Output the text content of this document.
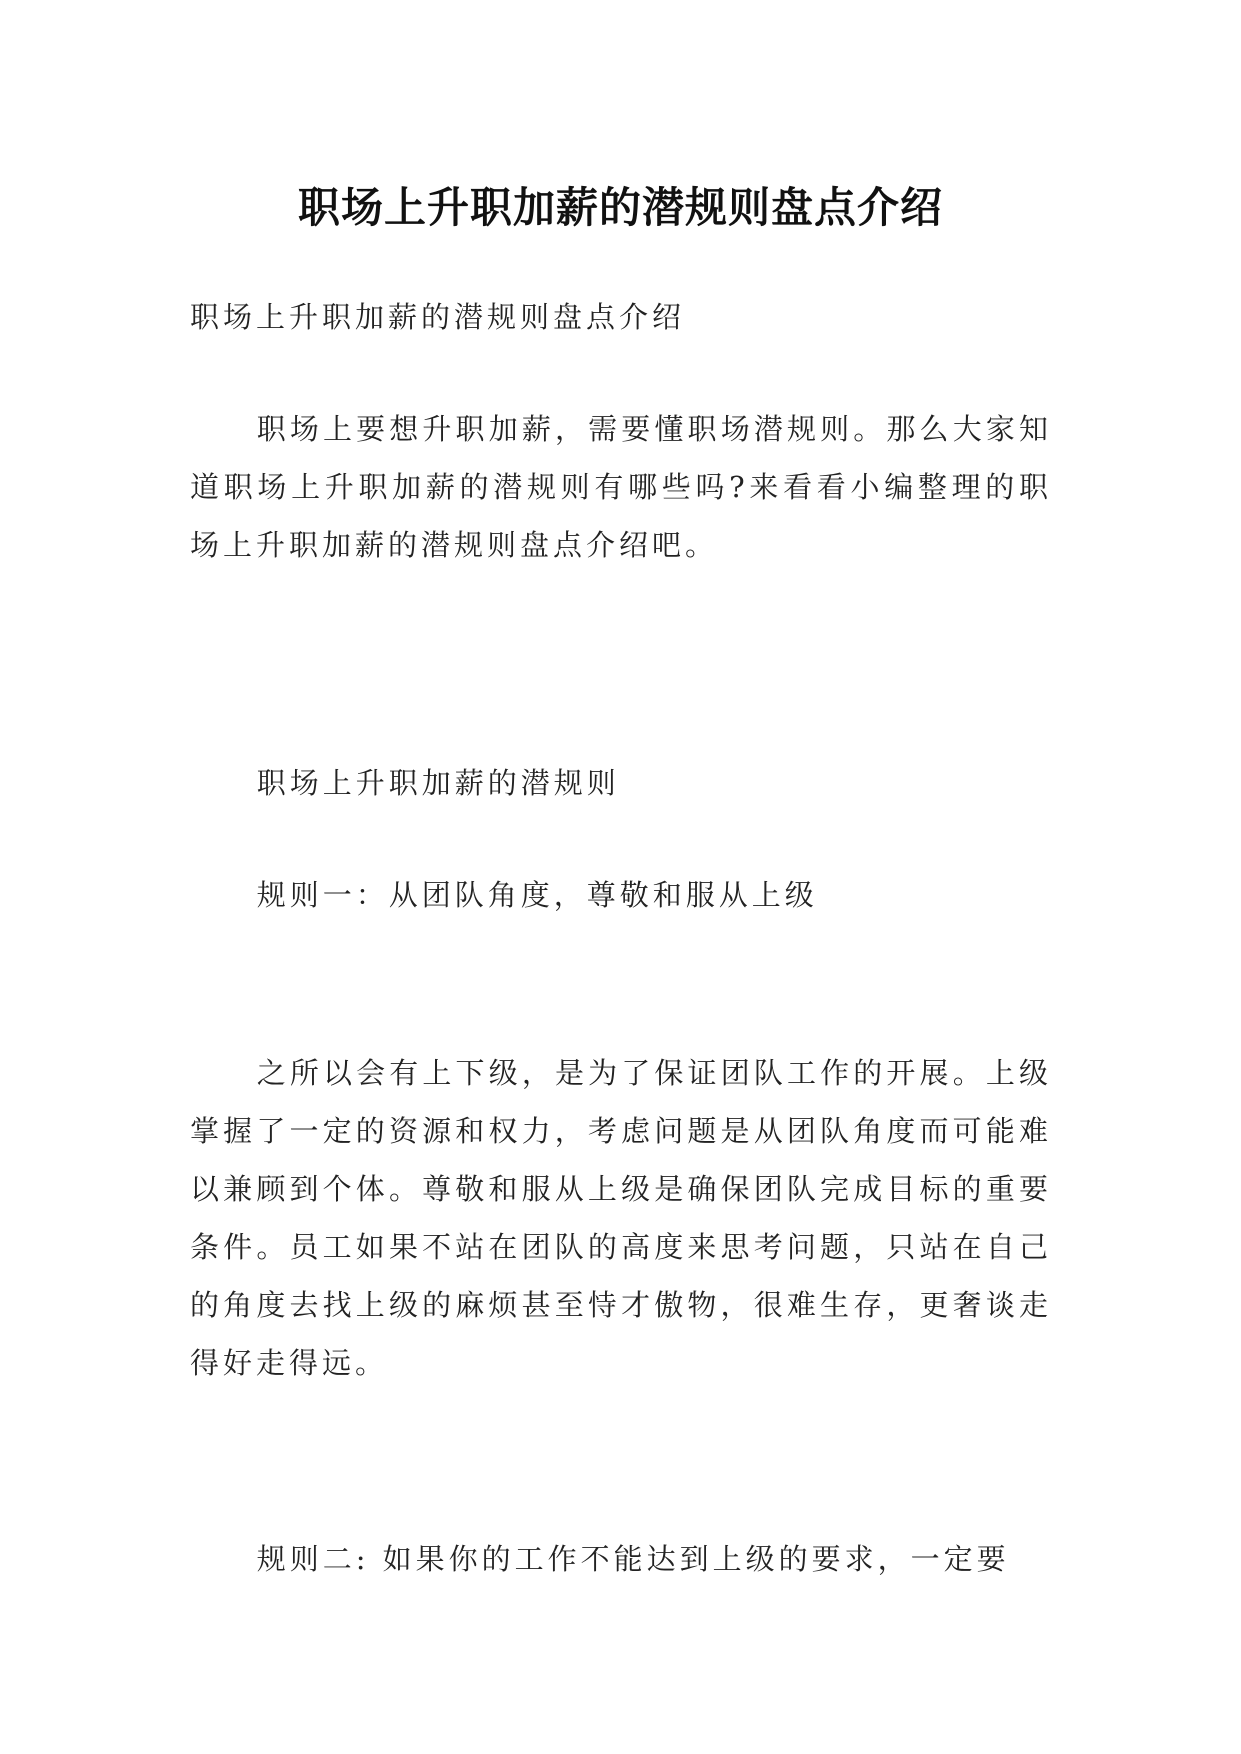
职场上升职加薪的潜规则盘点介绍

职场上升职加薪的潜规则盘点介绍

职场上要想升职加薪，需要懂职场潜规则。那么大家知道职场上升职加薪的潜规则有哪些吗?来看看小编整理的职场上升职加薪的潜规则盘点介绍吧。

职场上升职加薪的潜规则

规则一：从团队角度，尊敬和服从上级

之所以会有上下级，是为了保证团队工作的开展。上级掌握了一定的资源和权力，考虑问题是从团队角度而可能难以兼顾到个体。尊敬和服从上级是确保团队完成目标的重要条件。员工如果不站在团队的高度来思考问题，只站在自己的角度去找上级的麻烦甚至恃才傲物，很难生存，更奢谈走得好走得远。

规则二: 如果你的工作不能达到上级的要求，一定要
